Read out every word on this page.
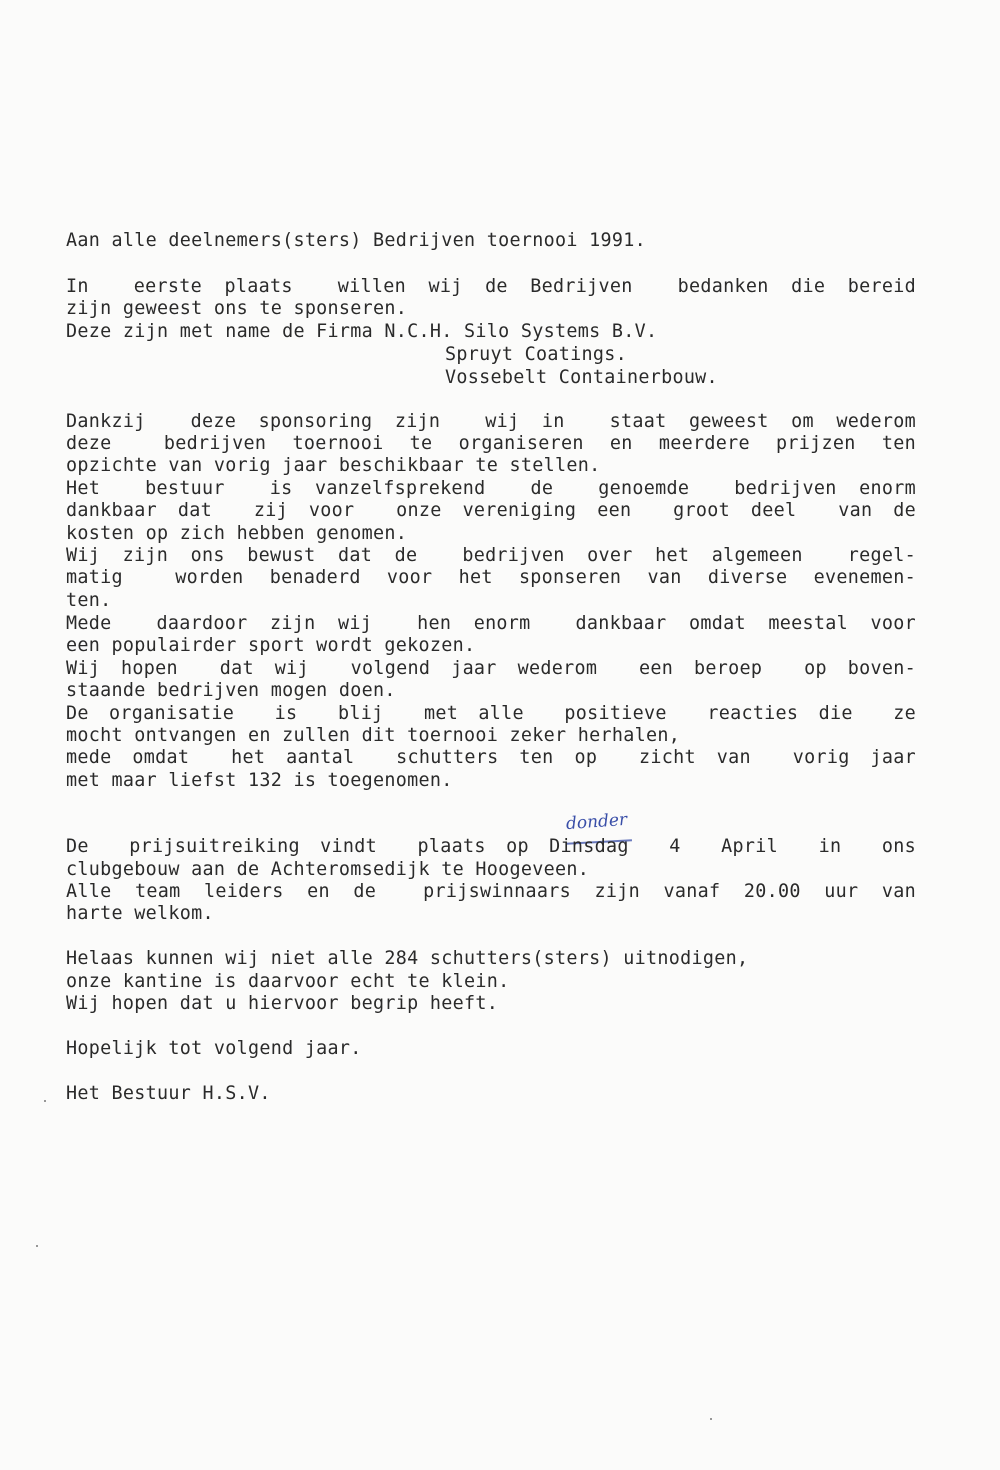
Aan alle deelnemers(sters) Bedrijven toernooi 1991.
In  eerste plaats  willen wij de Bedrijven  bedanken die bereid
zijn geweest ons te sponseren.
Deze zijn met name de Firma N.C.H. Silo Systems B.V.
Spruyt Coatings.
Vossebelt Containerbouw.
Dankzij  deze sponsoring zijn  wij in  staat geweest om wederom
deze  bedrijven toernooi te organiseren en meerdere prijzen ten
opzichte van vorig jaar beschikbaar te stellen.
Het  bestuur  is vanzelfsprekend  de  genoemde  bedrijven enorm
dankbaar dat  zij voor  onze vereniging een  groot deel  van de
kosten op zich hebben genomen.
Wij zijn ons bewust dat de  bedrijven over het algemeen  regel-
matig  worden benaderd voor het sponseren van diverse evenemen-
ten.
Mede  daardoor zijn wij  hen enorm  dankbaar omdat meestal voor
een populairder sport wordt gekozen.
Wij hopen  dat wij  volgend jaar wederom  een beroep  op boven-
staande bedrijven mogen doen.
De organisatie  is  blij  met alle  positieve  reacties die  ze
mocht ontvangen en zullen dit toernooi zeker herhalen,
mede omdat  het aantal  schutters ten op  zicht van  vorig jaar
met maar liefst 132 is toegenomen.
donder
De  prijsuitreiking vindt  plaats op Dinsdag  4  April  in  ons
clubgebouw aan de Achteromsedijk te Hoogeveen.
Alle team leiders en de  prijswinnaars zijn vanaf 20.00 uur van
harte welkom.
Helaas kunnen wij niet alle 284 schutters(sters) uitnodigen,
onze kantine is daarvoor echt te klein.
Wij hopen dat u hiervoor begrip heeft.
Hopelijk tot volgend jaar.
Het Bestuur H.S.V.
